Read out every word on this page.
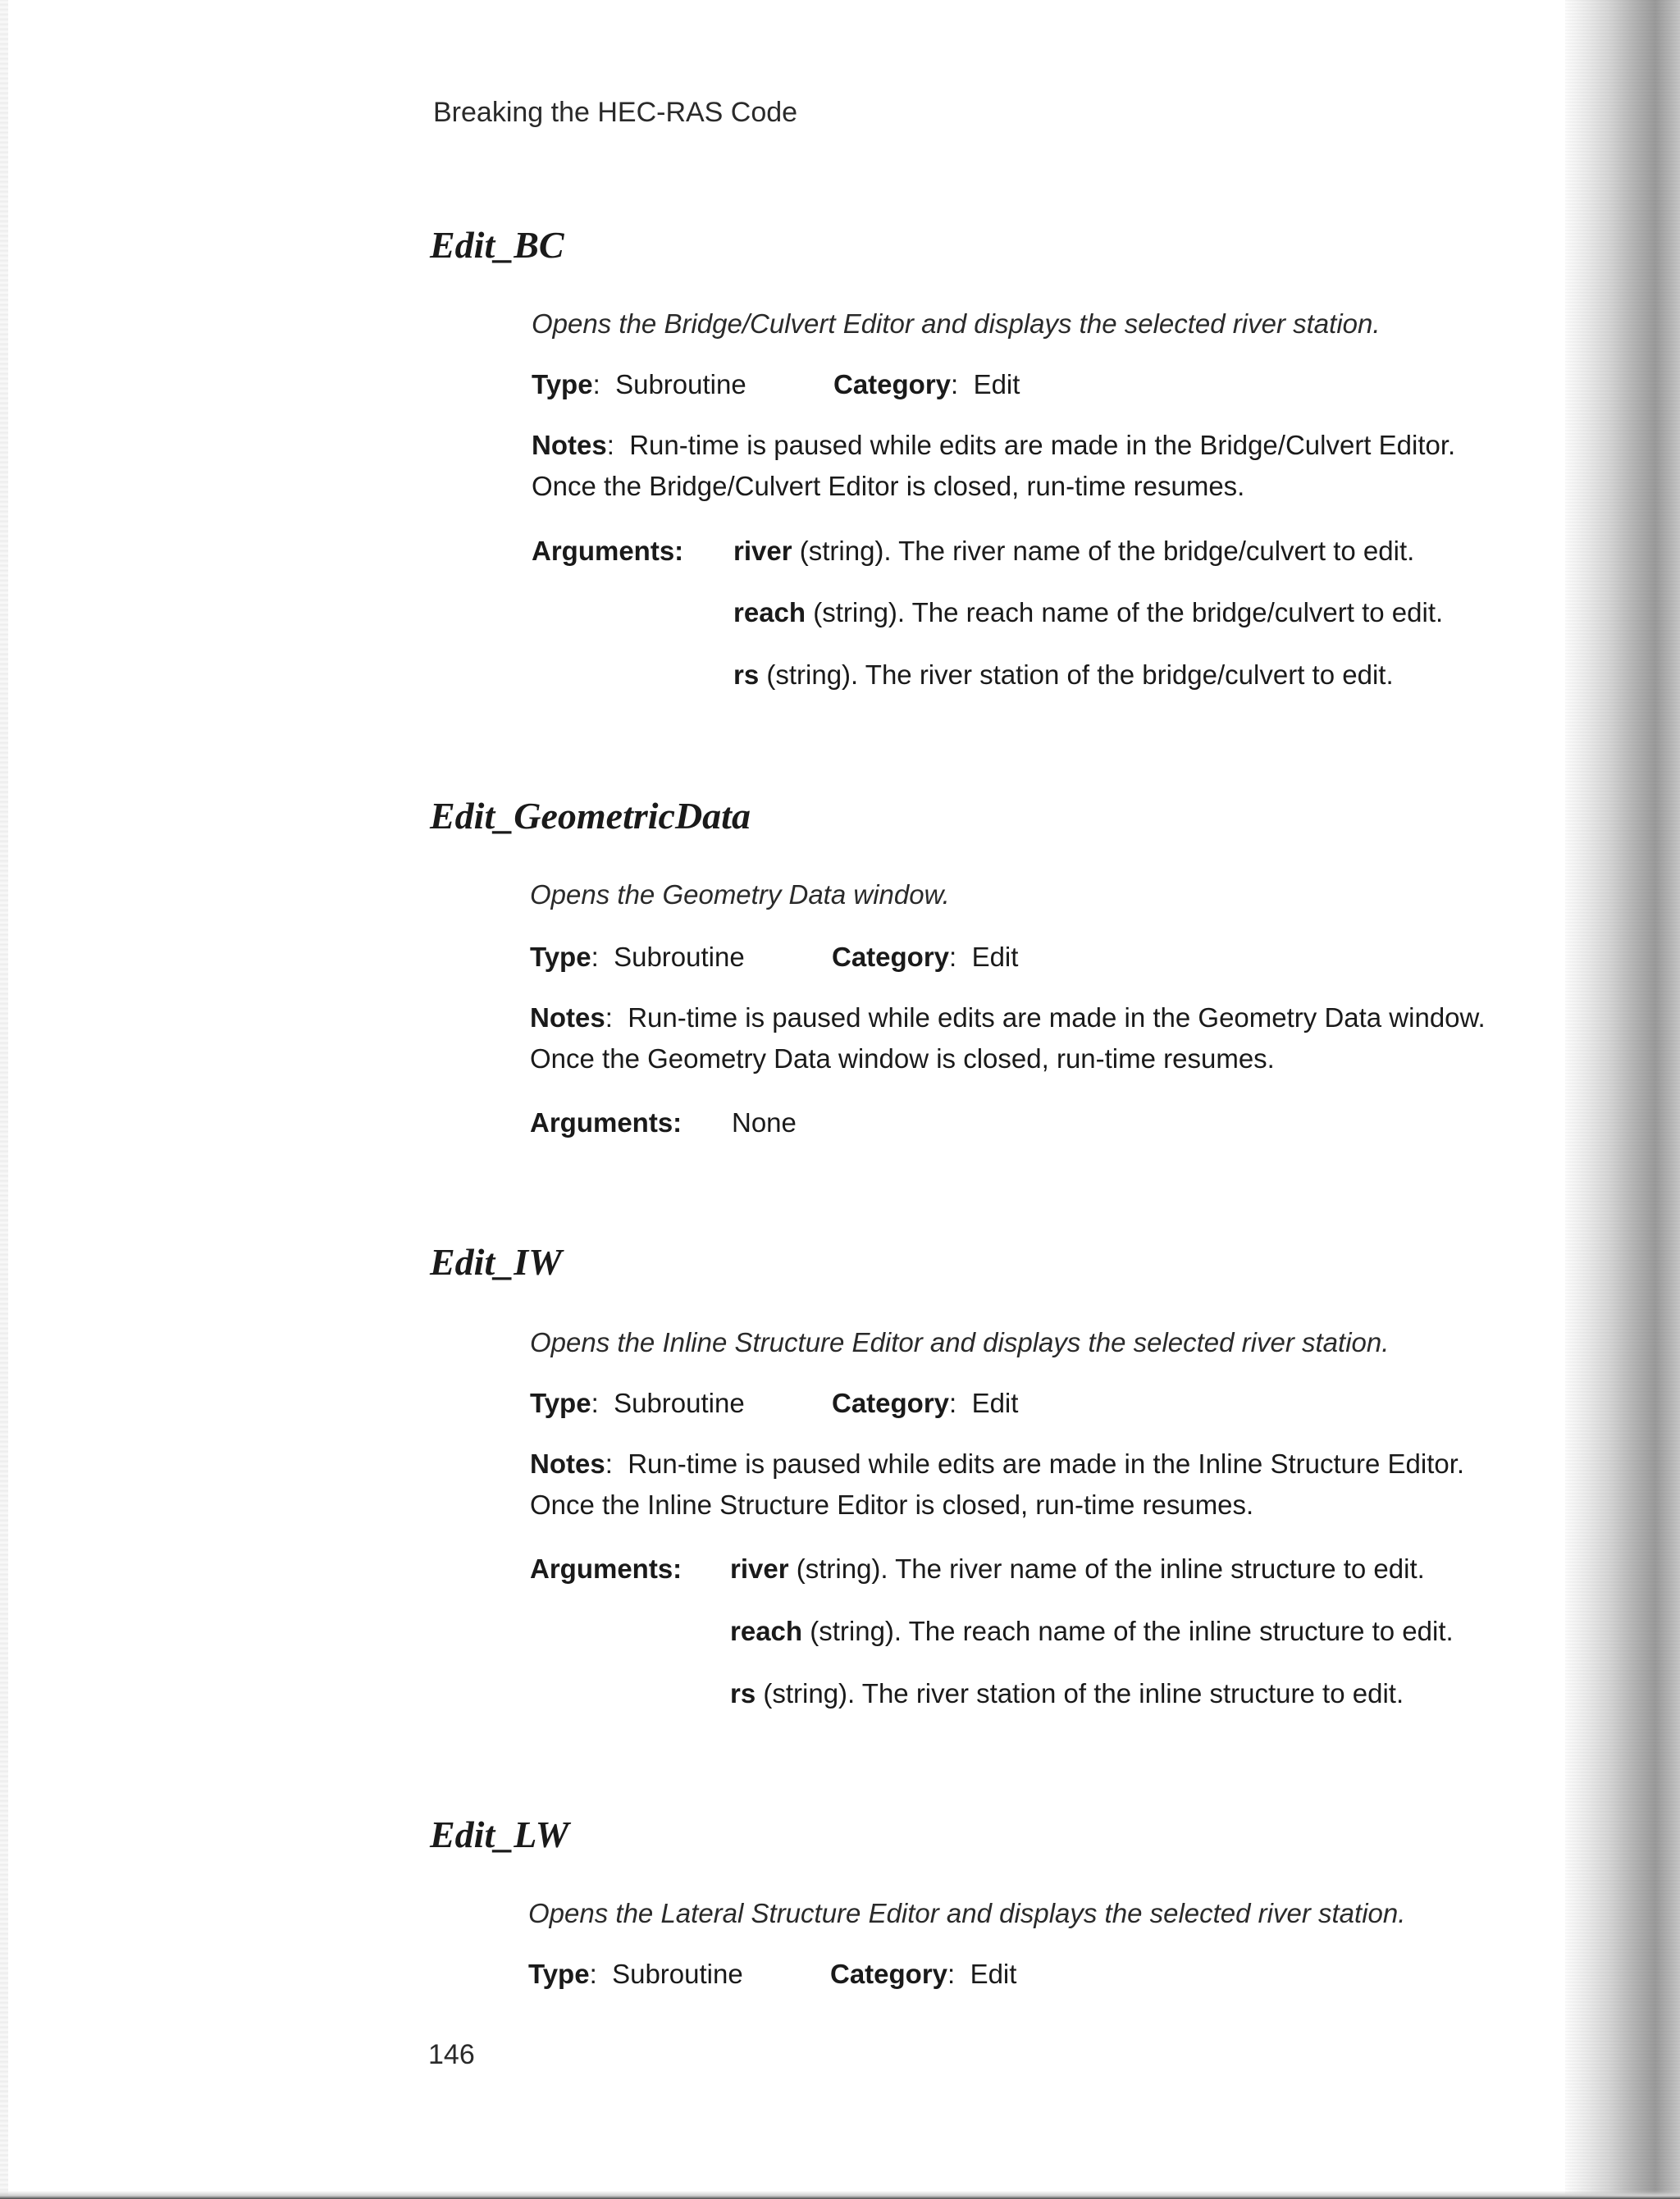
Breaking the HEC-RAS Code
Edit_BC
Opens the Bridge/Culvert Editor and displays the selected river station.
Type: Subroutine	Category: Edit
Notes: Run-time is paused while edits are made in the Bridge/Culvert Editor.
Once the Bridge/Culvert Editor is closed, run-time resumes.
Arguments: river (string). The river name of the bridge/culvert to edit.
reach (string). The reach name of the bridge/culvert to edit.
rs (string). The river station of the bridge/culvert to edit.
Edit_GeometricData
Opens the Geometry Data window.
Type: Subroutine	Category: Edit
Notes: Run-time is paused while edits are made in the Geometry Data window.
Once the Geometry Data window is closed, run-time resumes.
Arguments: None
Edit_IW
Opens the Inline Structure Editor and displays the selected river station.
Type: Subroutine	Category: Edit
Notes: Run-time is paused while edits are made in the Inline Structure Editor.
Once the Inline Structure Editor is closed, run-time resumes.
Arguments: river (string). The river name of the inline structure to edit.
reach (string). The reach name of the inline structure to edit.
rs (string). The river station of the inline structure to edit.
Edit_LW
Opens the Lateral Structure Editor and displays the selected river station.
Type: Subroutine	Category: Edit
146
